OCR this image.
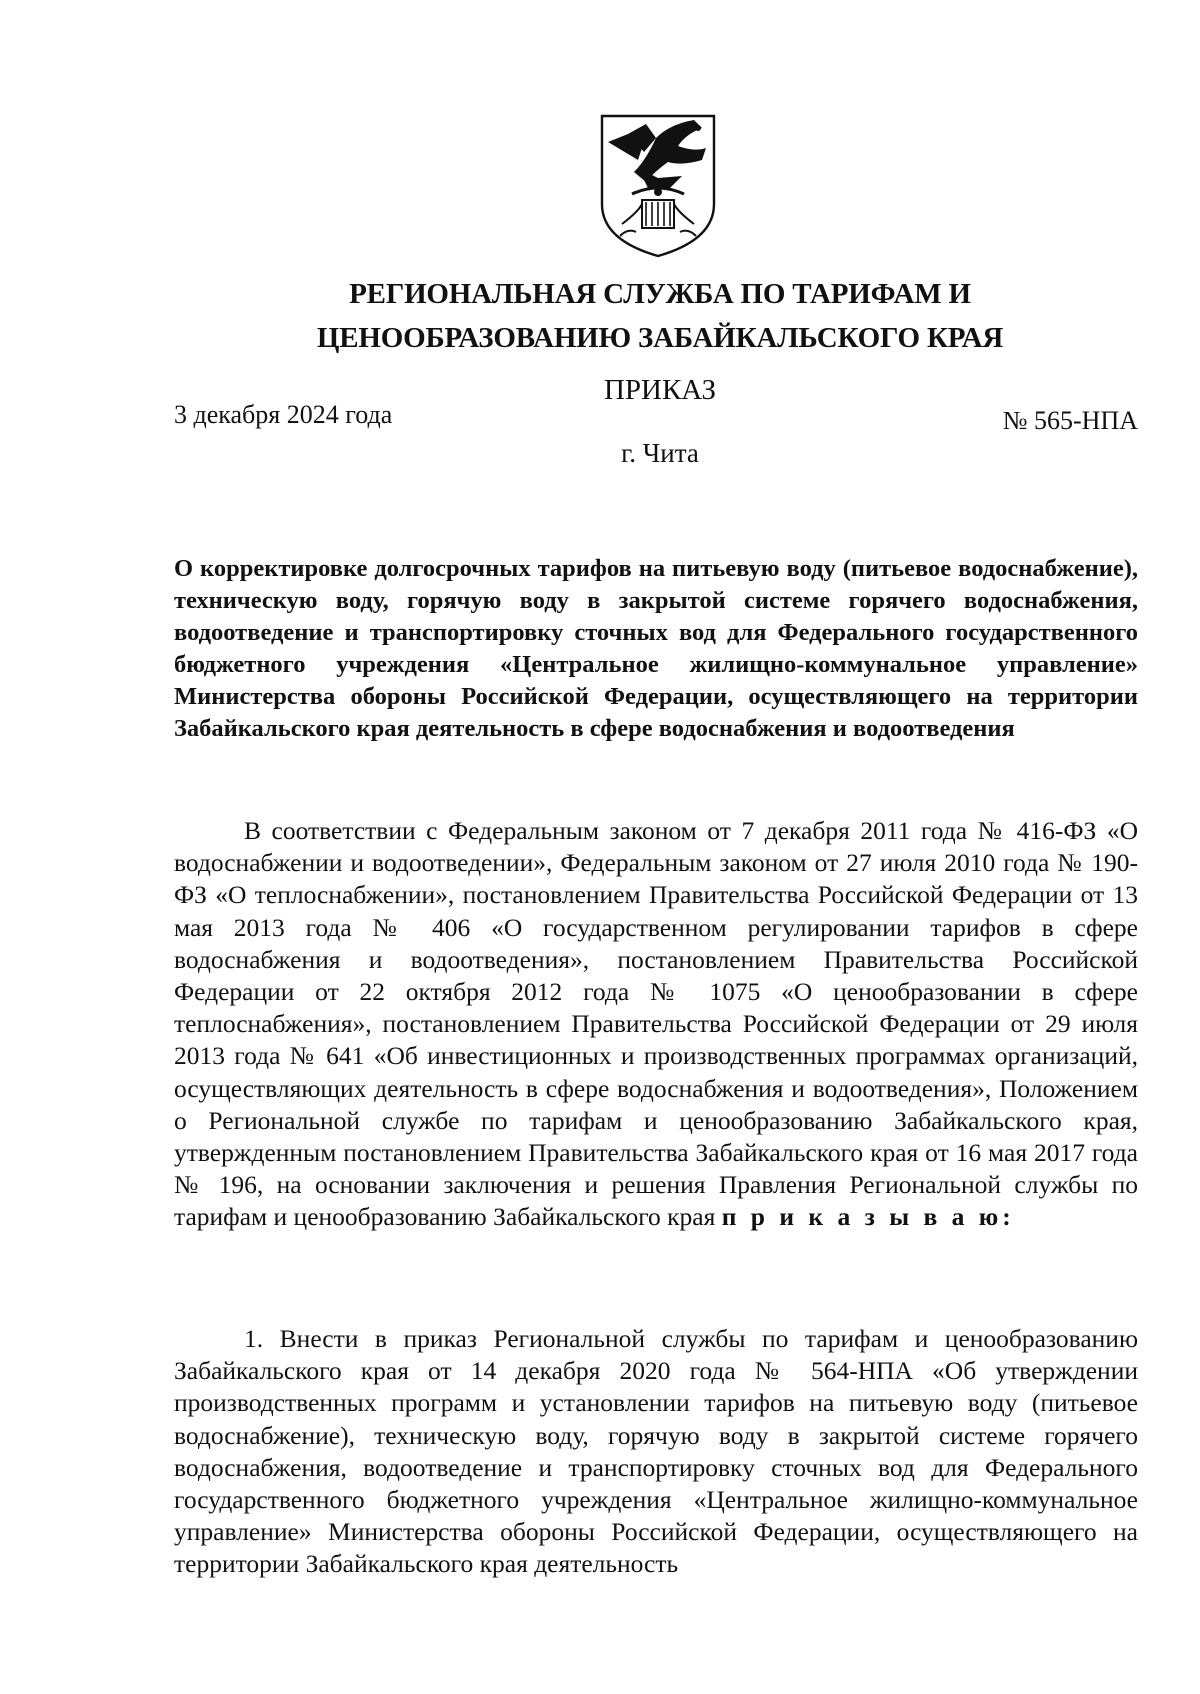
РЕГИОНАЛЬНАЯ СЛУЖБА ПО ТАРИФАМ И
ЦЕНООБРАЗОВАНИЮ ЗАБАЙКАЛЬСКОГО КРАЯ
ПРИКАЗ
3 декабря 2024 года	№ 565-НПА
г. Чита
О корректировке долгосрочных тарифов на питьевую воду (питьевое водоснабжение), техническую воду, горячую воду в закрытой системе горячего водоснабжения, водоотведение и транспортировку сточных вод для Федерального государственного бюджетного учреждения «Центральное жилищно-коммунальное управление» Министерства обороны Российской Федерации, осуществляющего на территории Забайкальского края деятельность в сфере водоснабжения и водоотведения
В соответствии с Федеральным законом от 7 декабря 2011 года № 416-ФЗ «О водоснабжении и водоотведении», Федеральным законом от 27 июля 2010 года № 190-ФЗ «О теплоснабжении», постановлением Правительства Российской Федерации от 13 мая 2013 года № 406 «О государственном регулировании тарифов в сфере водоснабжения и водоотведения», постановлением Правительства Российской Федерации от 22 октября 2012 года № 1075 «О ценообразовании в сфере теплоснабжения», постановлением Правительства Российской Федерации от 29 июля 2013 года № 641 «Об инвестиционных и производственных программах организаций, осуществляющих деятельность в сфере водоснабжения и водоотведения», Положением о Региональной службе по тарифам и ценообразованию Забайкальского края, утвержденным постановлением Правительства Забайкальского края от 16 мая 2017 года № 196, на основании заключения и решения Правления Региональной службы по тарифам и ценообразованию Забайкальского края п р и к а з ы в а ю:
1. Внести в приказ Региональной службы по тарифам и ценообразованию Забайкальского края от 14 декабря 2020 года № 564-НПА «Об утверждении производственных программ и установлении тарифов на питьевую воду (питьевое водоснабжение), техническую воду, горячую воду в закрытой системе горячего водоснабжения, водоотведение и транспортировку сточных вод для Федерального государственного бюджетного учреждения «Центральное жилищно-коммунальное управление» Министерства обороны Российской Федерации, осуществляющего на территории Забайкальского края деятельность
